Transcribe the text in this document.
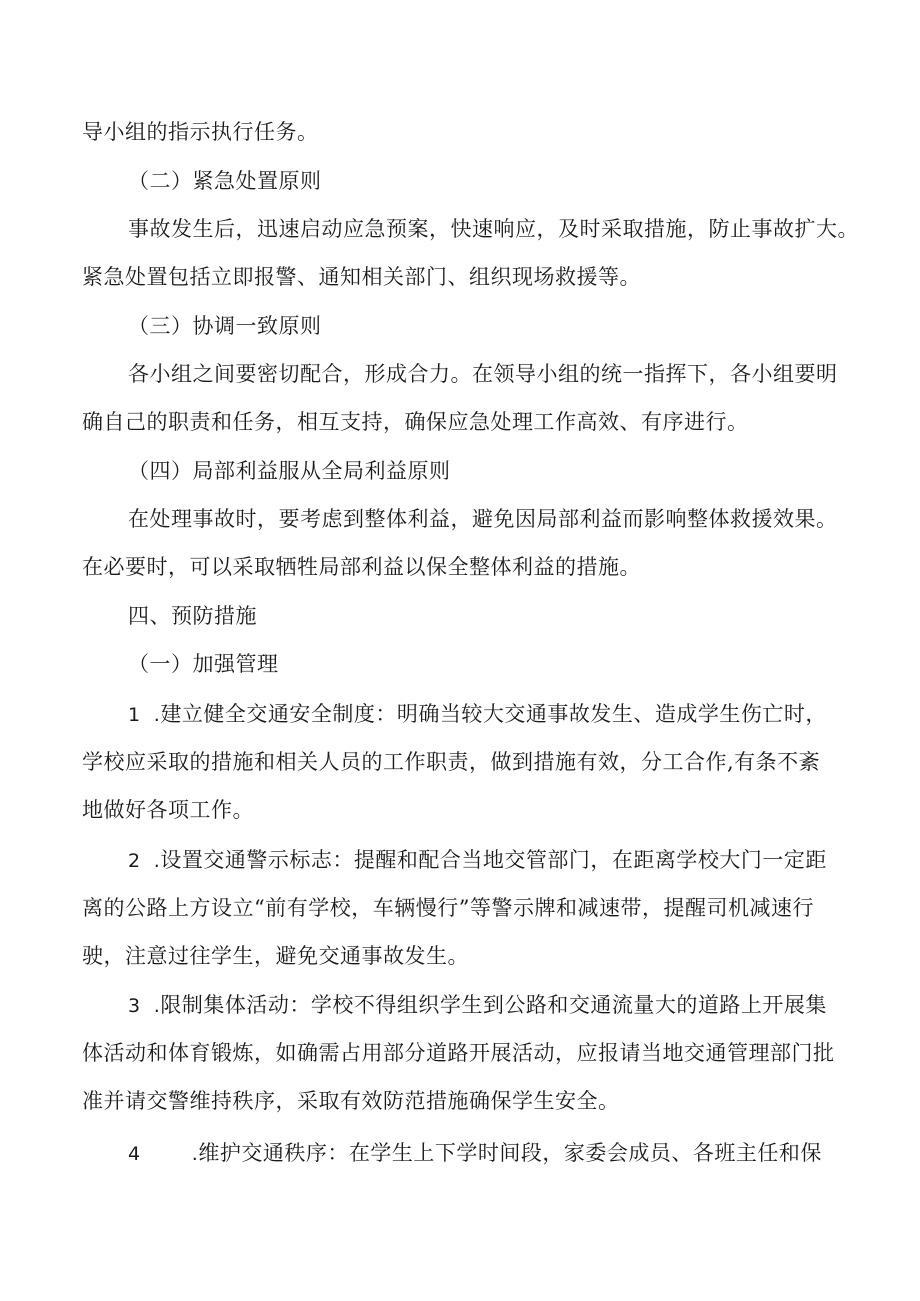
导小组的指示执行任务。
（二）紧急处置原则
事故发生后，迅速启动应急预案，快速响应，及时采取措施，防止事故扩大。
紧急处置包括立即报警、通知相关部门、组织现场救援等。
（三）协调一致原则
各小组之间要密切配合，形成合力。在领导小组的统一指挥下，各小组要明
确自己的职责和任务，相互支持，确保应急处理工作高效、有序进行。
（四）局部利益服从全局利益原则
在处理事故时，要考虑到整体利益，避免因局部利益而影响整体救援效果。
在必要时，可以采取牺牲局部利益以保全整体利益的措施。
四、预防措施
（一）加强管理
1 .建立健全交通安全制度：明确当较大交通事故发生、造成学生伤亡时，
学校应采取的措施和相关人员的工作职责，做到措施有效，分工合作,有条不紊
地做好各项工作。
2 .设置交通警示标志：提醒和配合当地交管部门，在距离学校大门一定距
离的公路上方设立“前有学校，车辆慢行”等警示牌和减速带，提醒司机减速行
驶，注意过往学生，避免交通事故发生。
3 .限制集体活动：学校不得组织学生到公路和交通流量大的道路上开展集
体活动和体育锻炼，如确需占用部分道路开展活动，应报请当地交通管理部门批
准并请交警维持秩序，采取有效防范措施确保学生安全。
4	.维护交通秩序：在学生上下学时间段，家委会成员、各班主任和保
